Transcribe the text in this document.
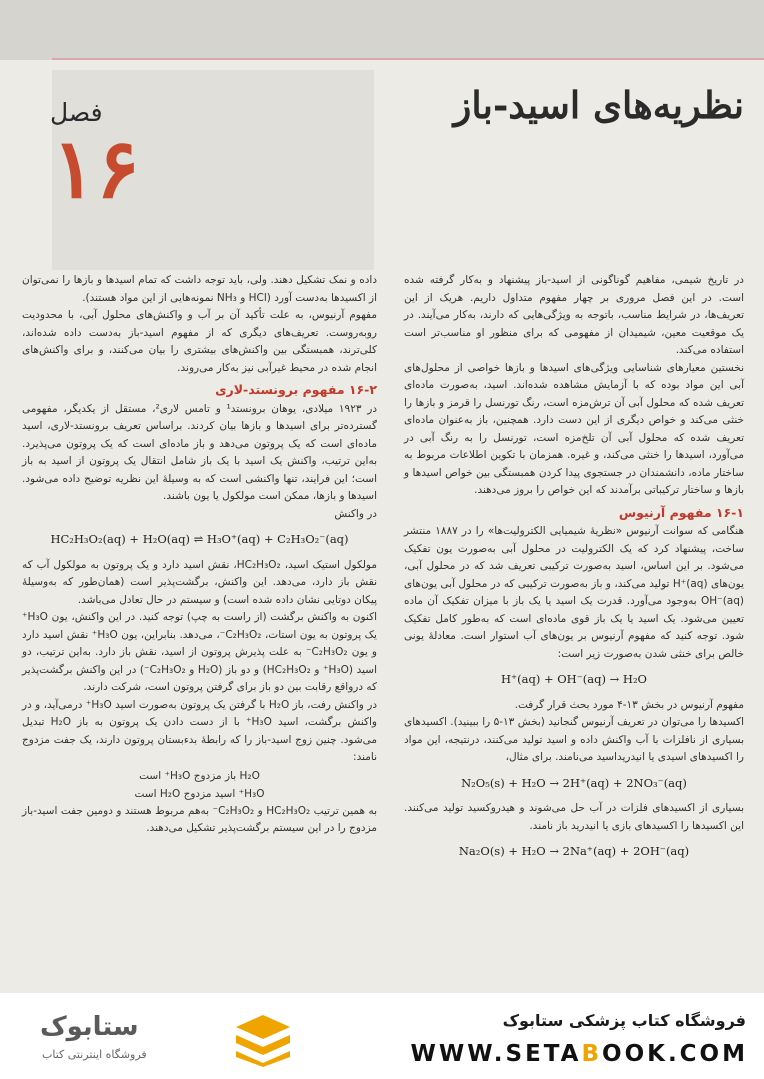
فصل
۱۶
نظریه‌های اسید-باز

در تاریخ شیمی، مفاهیم گوناگونی از اسید-باز پیشنهاد و به‌کار گرفته شده است. در این فصل مروری بر چهار مفهوم متداول داریم. هریک از این تعریف‌ها، در شرایط مناسب، باتوجه به ویژگی‌هایی که دارند، به‌کار می‌آیند. در یک موقعیت معین، شیمیدان از مفهومی که برای منظور او مناسب‌تر است استفاده می‌کند.

نخستین معیارهای شناسایی ویژگی‌های اسیدها و بازها خواصی از محلول‌های آبی این مواد بوده که با آزمایش مشاهده شده‌اند. اسید، به‌صورت ماده‌ای تعریف شده که محلول آبی آن ترش‌مزه است، رنگ تورنسل را قرمز و بازها را خنثی می‌کند و خواص دیگری از این دست دارد. همچنین، باز به‌عنوان ماده‌ای تعریف شده که محلول آبی آن تلخ‌مزه است، تورنسل را به رنگ آبی در می‌آورد، اسیدها را خنثی می‌کند، و غیره. همزمان با تکوین اطلاعات مربوط به ساختار ماده، دانشمندان در جستجوی پیدا کردن همبستگی بین خواص اسیدها و بازها و ساختار ترکیباتی برآمدند که این خواص را بروز می‌دهند.

۱۶-۱ مفهوم آرنیوس

هنگامی که سوانت آرنیوس «نظریهٔ شیمیایی الکترولیت‌ها» را در ۱۸۸۷ منتشر ساخت، پیشنهاد کرد که یک الکترولیت در محلول آبی به‌صورت یون تفکیک می‌شود. بر این اساس، اسید به‌صورت ترکیبی تعریف شد که در محلول آبی، یون‌های H⁺(aq) تولید می‌کند، و باز به‌صورت ترکیبی که در محلول آبی یون‌های OH⁻(aq) به‌وجود می‌آورد. قدرت یک اسید یا یک باز با میزان تفکیک آن ماده تعیین می‌شود. یک اسید یا یک باز قوی ماده‌ای است که به‌طور کامل تفکیک شود. توجه کنید که مفهوم آرنیوس بر یون‌های آب استوار است. معادلهٔ یونی خالص برای خنثی شدن به‌صورت زیر است:

H⁺(aq) + OH⁻(aq) → H₂O

مفهوم آرنیوس در بخش ۱۳-۴ مورد بحث قرار گرفت.

اکسیدها را می‌توان در تعریف آرنیوس گنجانید (بخش ۱۳-۵ را ببینید). اکسیدهای بسیاری از نافلزات با آب واکنش داده و اسید تولید می‌کنند، درنتیجه، این مواد را اکسیدهای اسیدی یا انیدریداسید می‌نامند. برای مثال،

N₂O₅(s) + H₂O → 2H⁺(aq) + 2NO₃⁻(aq)

بسیاری از اکسیدهای فلزات در آب حل می‌شوند و هیدروکسید تولید می‌کنند. این اکسیدها را اکسیدهای بازی یا انیدرید باز نامند.

Na₂O(s) + H₂O → 2Na⁺(aq) + 2OH⁻(aq)

داده و نمک تشکیل دهند. ولی، باید توجه داشت که تمام اسیدها و بازها را نمی‌توان از اکسیدها به‌دست آورد (HCl و NH₃ نمونه‌هایی از این مواد هستند).

مفهوم آرنیوس، به علت تأکید آن بر آب و واکنش‌های محلول آبی، با محدودیت روبه‌روست. تعریف‌های دیگری که از مفهوم اسید-باز به‌دست داده شده‌اند، کلی‌ترند، همبستگی بین واکنش‌های بیشتری را بیان می‌کنند، و برای واکنش‌های انجام شده در محیط غیرآبی نیز به‌کار می‌روند.

۱۶-۲ مفهوم برونستد-لاری

در ۱۹۲۳ میلادی، یوهان برونستد¹ و تامس لاری²، مستقل از یکدیگر، مفهومی گسترده‌تر برای اسیدها و بازها بیان کردند. براساس تعریف برونستد-لاری، اسید ماده‌ای است که یک پروتون می‌دهد و باز ماده‌ای است که یک پروتون می‌پذیرد. به‌این ترتیب، واکنش یک اسید با یک باز شامل انتقال یک پروتون از اسید به باز است؛ این فرایند، تنها واکنشی است که به وسیلهٔ این نظریه توضیح داده می‌شود. اسیدها و بازها، ممکن است مولکول یا یون باشند.

در واکنش

HC₂H₃O₂(aq) + H₂O(aq) ⇌ H₃O⁺(aq) + C₂H₃O₂⁻(aq)

مولکول استیک اسید، HC₂H₃O₂، نقش اسید دارد و یک پروتون به مولکول آب که نقش باز دارد، می‌دهد. این واکنش، برگشت‌پذیر است (همان‌طور که به‌وسیلهٔ پیکان دوتایی نشان داده شده است) و سیستم در حال تعادل می‌باشد.

اکنون به واکنش برگشت (از راست به چپ) توجه کنید. در این واکنش، یون H₃O⁺ یک پروتون به یون استات، C₂H₃O₂⁻، می‌دهد. بنابراین، یون H₃O⁺ نقش اسید دارد و یون C₂H₃O₂⁻ به علت پذیرش پروتون از اسید، نقش باز دارد. به‌این ترتیب، دو اسید (H₃O⁺ و HC₂H₃O₂) و دو باز (H₂O و C₂H₃O₂⁻) در این واکنش برگشت‌پذیر که درواقع رقابت بین دو باز برای گرفتن پروتون است، شرکت دارند.

در واکنش رفت، باز H₂O با گرفتن یک پروتون به‌صورت اسید H₃O⁺ درمی‌آید، و در واکنش برگشت، اسید H₃O⁺ با از دست دادن یک پروتون به باز H₂O تبدیل می‌شود. چنین زوج اسید-باز را که رابطهٔ بدءبستان پروتون دارند، یک جفت مزدوج نامند:

H₂O باز مزدوج H₃O⁺ است

H₃O⁺ اسید مزدوج H₂O است

به همین ترتیب HC₂H₃O₂ و C₂H₃O₂⁻ به‌هم مربوط هستند و دومین جفت اسید-باز مزدوج را در این سیستم برگشت‌پذیر تشکیل می‌دهند.

فروشگاه کتاب پزشکی ستابوک
WWW.SETABOOK.COM
ستابوک
فروشگاه اینترنتی کتاب
